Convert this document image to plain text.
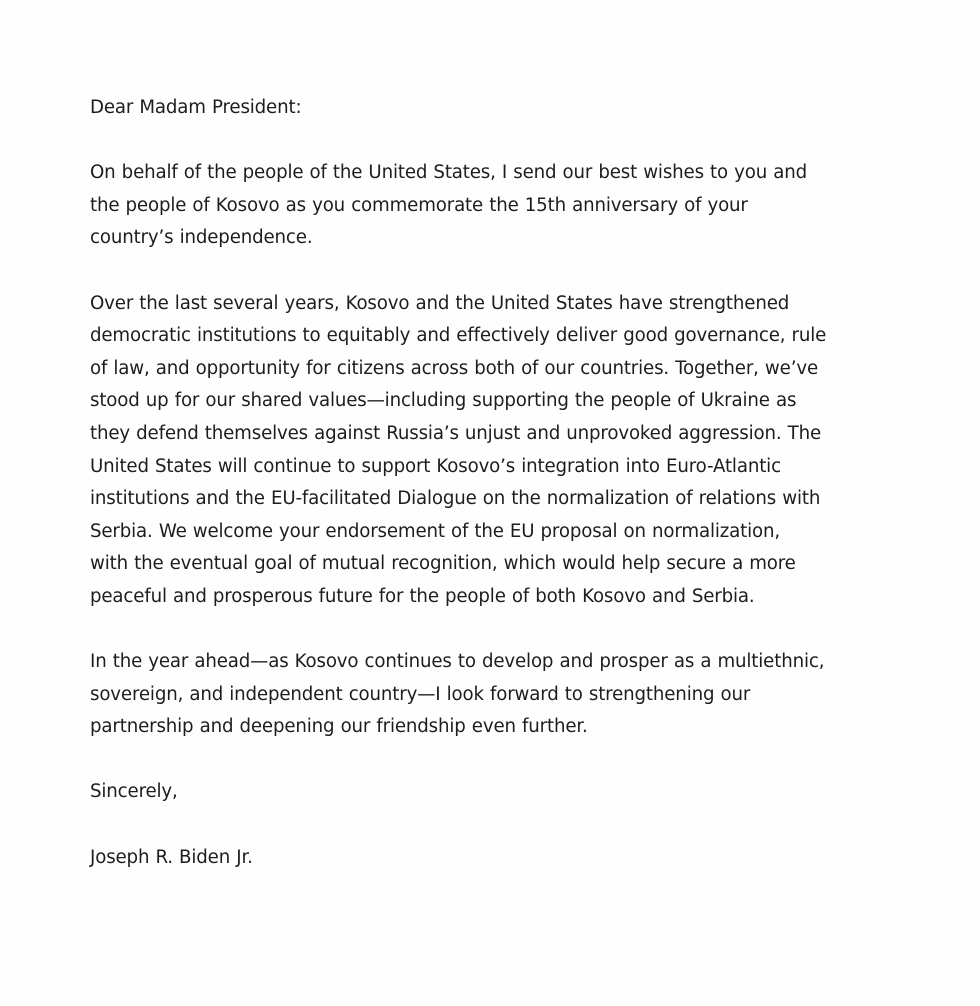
Dear Madam President:
On behalf of the people of the United States, I send our best wishes to you and
the people of Kosovo as you commemorate the 15th anniversary of your
country’s independence.
Over the last several years, Kosovo and the United States have strengthened
democratic institutions to equitably and effectively deliver good governance, rule
of law, and opportunity for citizens across both of our countries. Together, we’ve
stood up for our shared values—including supporting the people of Ukraine as
they defend themselves against Russia’s unjust and unprovoked aggression. The
United States will continue to support Kosovo’s integration into Euro-Atlantic
institutions and the EU-facilitated Dialogue on the normalization of relations with
Serbia. We welcome your endorsement of the EU proposal on normalization,
with the eventual goal of mutual recognition, which would help secure a more
peaceful and prosperous future for the people of both Kosovo and Serbia.
In the year ahead—as Kosovo continues to develop and prosper as a multiethnic,
sovereign, and independent country—I look forward to strengthening our
partnership and deepening our friendship even further.
Sincerely,
Joseph R. Biden Jr.
